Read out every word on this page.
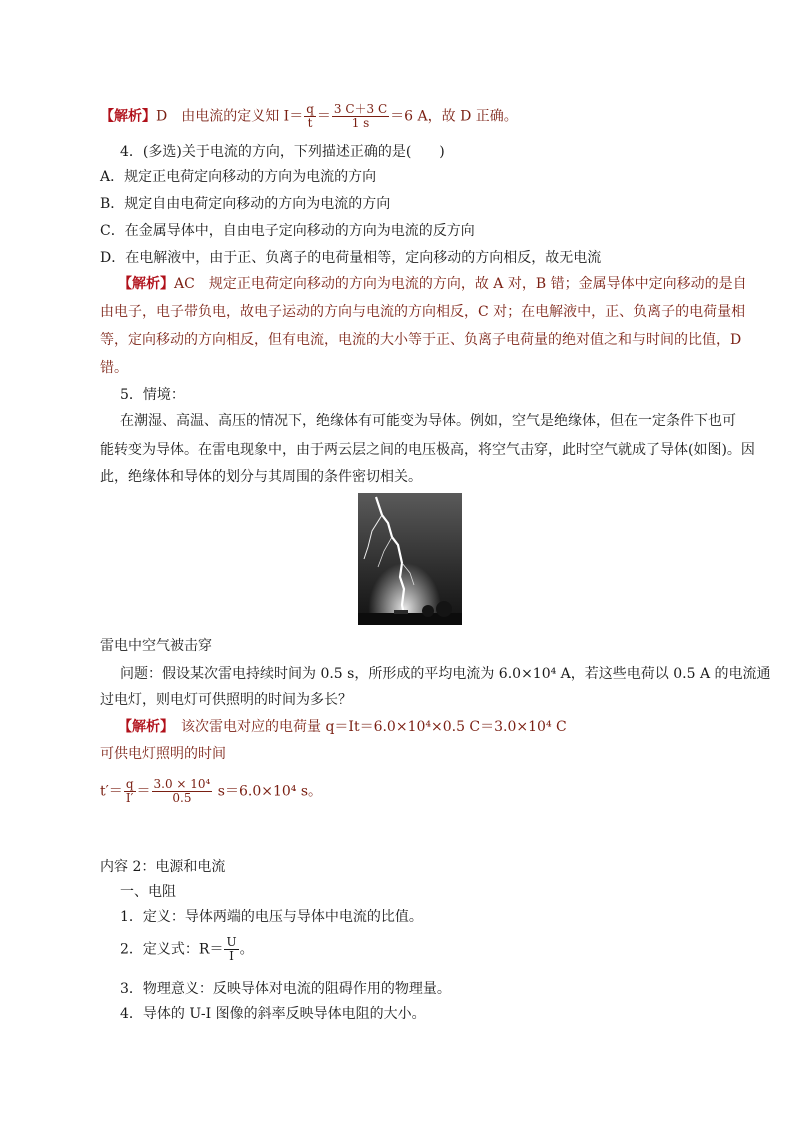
【解析】D　由电流的定义知 $I= \frac{q}{t} = \frac{3 C+3 C}{1 s} =6$ A，故 D 正确。
4．(多选)关于电流的方向，下列描述正确的是(　　)
A．规定正电荷定向移动的方向为电流的方向
B．规定自由电荷定向移动的方向为电流的方向
C．在金属导体中，自由电子定向移动的方向为电流的反方向
D．在电解液中，由于正、负离子的电荷量相等，定向移动的方向相反，故无电流
【解析】AC　规定正电荷定向移动的方向为电流的方向，故 A 对，B 错；金属导体中定向移动的是自
由电子，电子带负电，故电子运动的方向与电流的方向相反，C 对；在电解液中，正、负离子的电荷量相
等，定向移动的方向相反，但有电流，电流的大小等于正、负离子电荷量的绝对值之和与时间的比值，D
错。
5．情境：
在潮湿、高温、高压的情况下，绝缘体有可能变为导体。例如，空气是绝缘体，但在一定条件下也可
能转变为导体。在雷电现象中，由于两云层之间的电压极高，将空气击穿，此时空气就成了导体(如图)。因
此，绝缘体和导体的划分与其周围的条件密切相关。
雷电中空气被击穿
问题：假设某次雷电持续时间为 0.5 s，所形成的平均电流为 6.0×10⁴ A，若这些电荷以 0.5 A 的电流通
过电灯，则电灯可供照明的时间为多长？
【解析】　该次雷电对应的电荷量 q＝It＝6.0×10⁴×0.5 C＝3.0×10⁴ C
可供电灯照明的时间
$t'= \frac{q}{I'} = \frac{\text{3.0 × 10⁴}}{0.5} s=6.0\times 10^4$ s。
内容 2：电源和电流
一、电阻
1．定义：导体两端的电压与导体中电流的比值。
2．定义式：$R= \frac{U}{I}$ 。
3．物理意义：反映导体对电流的阻碍作用的物理量。
4．导体的 U-I 图像的斜率反映导体电阻的大小。
